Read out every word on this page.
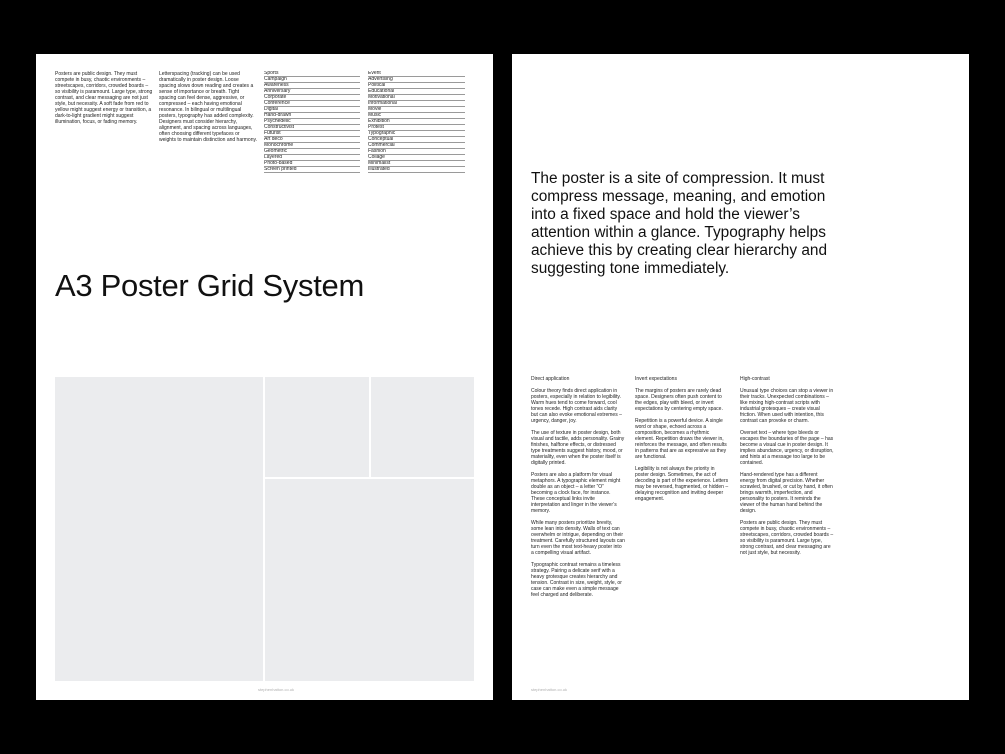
Posters are public design. They must compete in busy, chaotic environments – streetscapes, corridors, crowded boards – so visibility is paramount. Large type, strong contrast, and clear messaging are not just style, but necessity. A soft fade from red to yellow might suggest energy or transition, a dark-to-light gradient might suggest illumination, focus, or fading memory.
Letterspacing (tracking) can be used dramatically in poster design. Loose spacing slows down reading and creates a sense of importance or breath. Tight spacing can feel dense, aggressive, or compressed – each having emotional resonance. In bilingual or multilingual posters, typography has added complexity. Designers must consider hierarchy, alignment, and spacing across languages, often choosing different typefaces or weights to maintain distinction and harmony.
Sports
Campaign
Awareness
Anniversary
Corporate
Conference
Digital
Hand-drawn
Psychedelic
Constructivist
Futurist
Art deco
Monochrome
Geometric
Layered
Photo-based
Screen printed
Event
Advertising
Political
Educational
Motivational
Informational
Movie
Music
Exhibition
Protest
Typographic
Conceptual
Commercial
Fashion
Collage
Minimalist
Illustrated
A3 Poster Grid System
stephenhatton.co.uk
The poster is a site of compression. It must compress message, meaning, and emotion into a fixed space and hold the viewer’s attention within a glance. Typography helps achieve this by creating clear hierarchy and suggesting tone immediately.
Direct application
Colour theory finds direct application in posters, especially in relation to legibility. Warm hues tend to come forward, cool tones recede. High contrast aids clarity but can also evoke emotional extremes – urgency, danger, joy.
The use of texture in poster design, both visual and tactile, adds personality. Grainy finishes, halftone effects, or distressed type treatments suggest history, mood, or materiality, even when the poster itself is digitally printed.
Posters are also a platform for visual metaphors. A typographic element might double as an object – a letter “O” becoming a clock face, for instance. These conceptual links invite interpretation and linger in the viewer’s memory.
While many posters prioritize brevity, some lean into density. Walls of text can overwhelm or intrigue, depending on their treatment. Carefully structured layouts can turn even the most text-heavy poster into a compelling visual artifact.
Typographic contrast remains a timeless strategy. Pairing a delicate serif with a heavy grotesque creates hierarchy and tension. Contrast in size, weight, style, or case can make even a simple message feel charged and deliberate.
Invert expectations
The margins of posters are rarely dead space. Designers often push content to the edges, play with bleed, or invert expectations by centering empty space.
Repetition is a powerful device. A single word or shape, echoed across a composition, becomes a rhythmic element. Repetition draws the viewer in, reinforces the message, and often results in patterns that are as expressive as they are functional.
Legibility is not always the priority in poster design. Sometimes, the act of decoding is part of the experience. Letters may be reversed, fragmented, or hidden – delaying recognition and inviting deeper engagement.
High-contrast
Unusual type choices can stop a viewer in their tracks. Unexpected combinations – like mixing high-contrast scripts with industrial grotesques – create visual friction. When used with intention, this contrast can provoke or charm.
Overset text – where type bleeds or escapes the boundaries of the page – has become a visual cue in poster design. It implies abundance, urgency, or disruption, and hints at a message too large to be contained.
Hand-rendered type has a different energy from digital precision. Whether scrawled, brushed, or cut by hand, it often brings warmth, imperfection, and personality to posters. It reminds the viewer of the human hand behind the design.
Posters are public design. They must compete in busy, chaotic environments – streetscapes, corridors, crowded boards – so visibility is paramount. Large type, strong contrast, and clear messaging are not just style, but necessity.
stephenhatton.co.uk
